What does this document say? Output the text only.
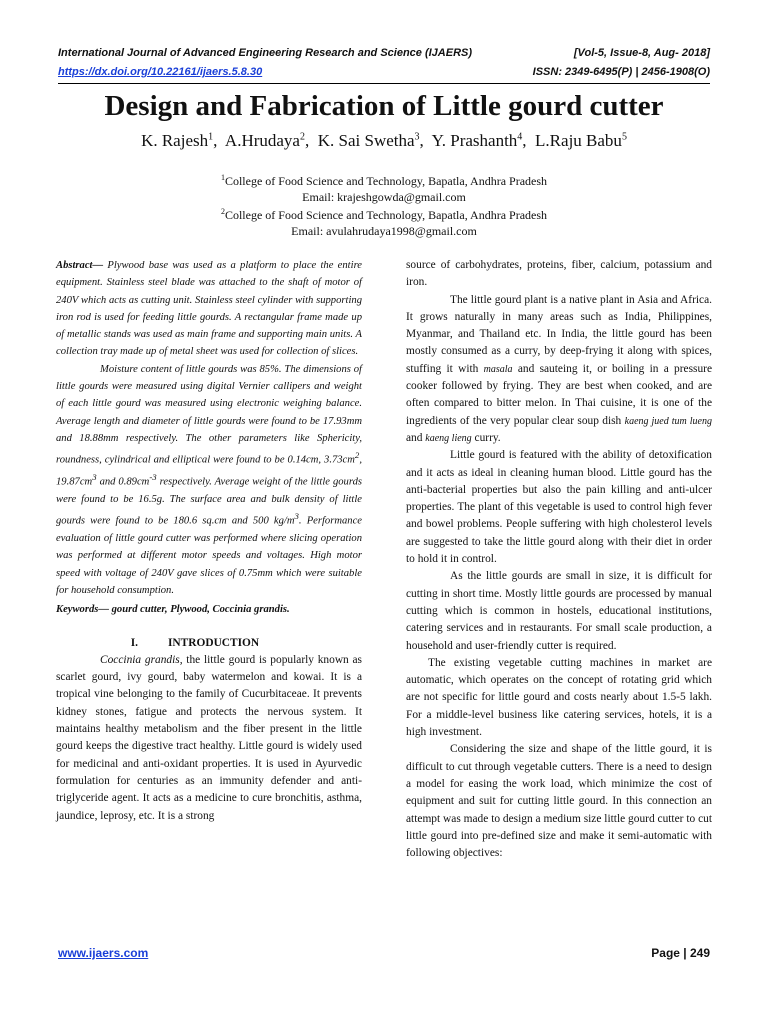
International Journal of Advanced Engineering Research and Science (IJAERS)	[Vol-5, Issue-8, Aug- 2018]
https://dx.doi.org/10.22161/ijaers.5.8.30	ISSN: 2349-6495(P) | 2456-1908(O)
Design and Fabrication of Little gourd cutter
K. Rajesh$^1$,  A.Hrudaya$^2$,  K. Sai Swetha$^3$,  Y. Prashanth$^4$,  L.Raju Babu$^5$
$^1$College of Food Science and Technology, Bapatla, Andhra Pradesh
Email: krajeshgowda@gmail.com
$^2$College of Food Science and Technology, Bapatla, Andhra Pradesh
Email: avulahrudaya1998@gmail.com

Abstract— Plywood base was used as a platform to place the entire equipment. Stainless steel blade was attached to the shaft of motor of 240V which acts as cutting unit. Stainless steel cylinder with supporting iron rod is used for feeding little gourds. A rectangular frame made up of metallic stands was used as main frame and supporting main units. A collection tray made up of metal sheet was used for collection of slices.

Moisture content of little gourds was 85%. The dimensions of little gourds were measured using digital Vernier callipers and weight of each little gourd was measured using electronic weighing balance. Average length and diameter of little gourds were found to be 17.93mm and 18.88mm respectively. The other parameters like Sphericity, roundness, cylindrical and elliptical were found to be 0.14cm, $3.73cm^2$, $19.87cm^3$ and $0.89cm^{-3}$ respectively. Average weight of the little gourds were found to be 16.5g. The surface area and bulk density of little gourds were found to be 180.6 sq.cm and 500 $kg/m^3$. Performance evaluation of little gourd cutter was performed where slicing operation was performed at different motor speeds and voltages. High motor speed with voltage of 240V gave slices of 0.75mm which were suitable for household consumption.

Keywords— gourd cutter, Plywood, Coccinia grandis.

I.	INTRODUCTION

Coccinia grandis, the little gourd is popularly known as scarlet gourd, ivy gourd, baby watermelon and kowai. It is a tropical vine belonging to the family of Cucurbitaceae. It prevents kidney stones, fatigue and protects the nervous system. It maintains healthy metabolism and the fiber present in the little gourd keeps the digestive tract healthy. Little gourd is widely used for medicinal and anti-oxidant properties. It is used in Ayurvedic formulation for centuries as an immunity defender and anti-triglyceride agent. It acts as a medicine to cure bronchitis, asthma, jaundice, leprosy, etc. It is a strong

source of carbohydrates, proteins, fiber, calcium, potassium and iron.

The little gourd plant is a native plant in Asia and Africa. It grows naturally in many areas such as India, Philippines, Myanmar, and Thailand etc. In India, the little gourd has been mostly consumed as a curry, by deep-frying it along with spices, stuffing it with masala and sauteing it, or boiling in a pressure cooker followed by frying. They are best when cooked, and are often compared to bitter melon. In Thai cuisine, it is one of the ingredients of the very popular clear soup dish kaeng jued tum lueng and kaeng lieng curry.

Little gourd is featured with the ability of detoxification and it acts as ideal in cleaning human blood. Little gourd has the anti-bacterial properties but also the pain killing and anti-ulcer properties. The plant of this vegetable is used to control high fever and bowel problems. People suffering with high cholesterol levels are suggested to take the little gourd along with their diet in order to hold it in control.

As the little gourds are small in size, it is difficult for cutting in short time. Mostly little gourds are processed by manual cutting which is common in hostels, educational institutions, catering services and in restaurants. For small scale production, a household and user-friendly cutter is required.

The existing vegetable cutting machines in market are automatic, which operates on the concept of rotating grid which are not specific for little gourd and costs nearly about 1.5-5 lakh. For a middle-level business like catering services, hotels, it is a high investment.

Considering the size and shape of the little gourd, it is difficult to cut through vegetable cutters. There is a need to design a model for easing the work load, which minimize the cost of equipment and suit for cutting little gourd. In this connection an attempt was made to design a medium size little gourd cutter to cut little gourd into pre-defined size and make it semi-automatic with following objectives:

www.ijaers.com	Page | 249
